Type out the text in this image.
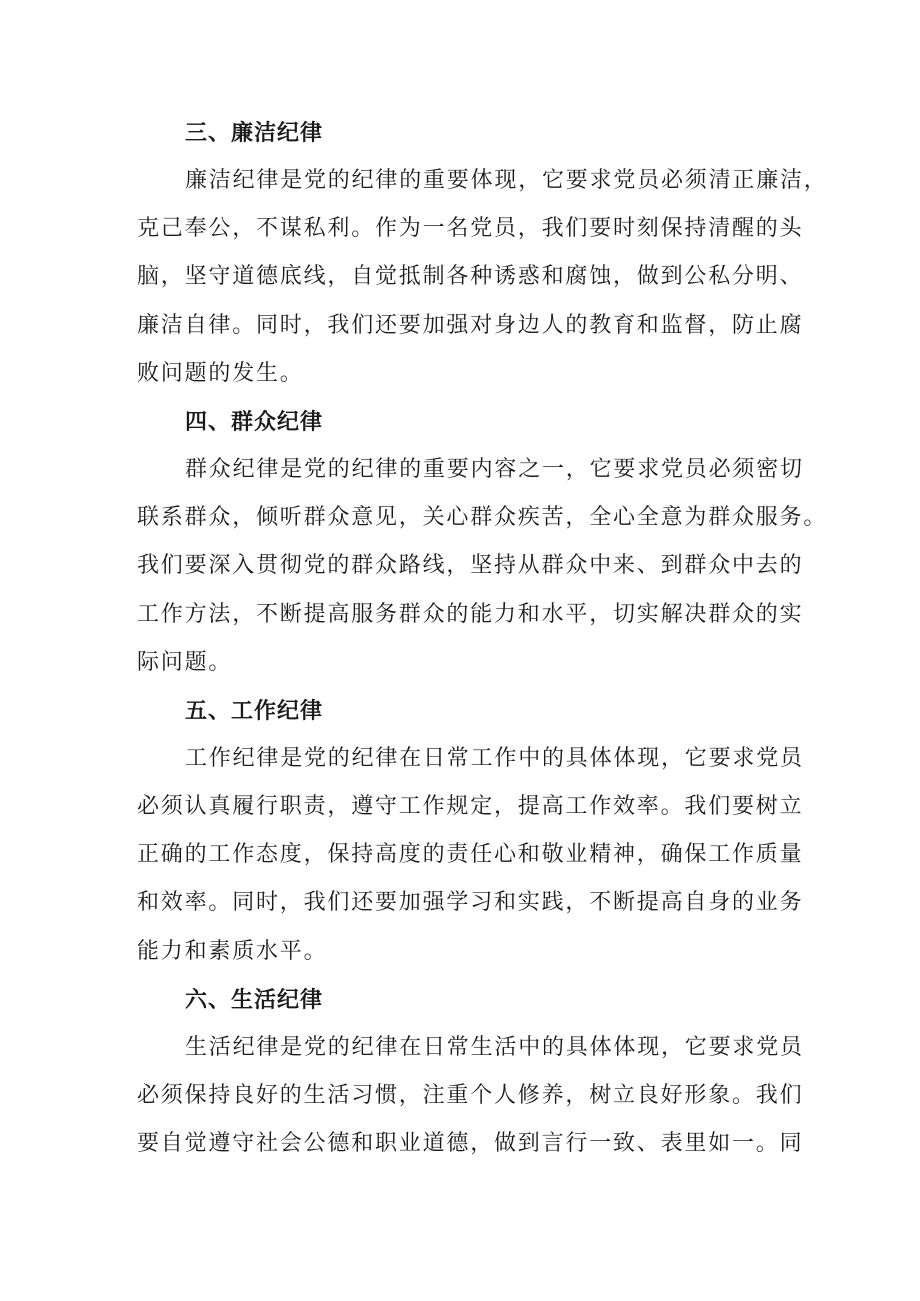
三、廉洁纪律
廉洁纪律是党的纪律的重要体现，它要求党员必须清正廉洁，
克己奉公，不谋私利。作为一名党员，我们要时刻保持清醒的头
脑，坚守道德底线，自觉抵制各种诱惑和腐蚀，做到公私分明、
廉洁自律。同时，我们还要加强对身边人的教育和监督，防止腐
败问题的发生。
四、群众纪律
群众纪律是党的纪律的重要内容之一，它要求党员必须密切
联系群众，倾听群众意见，关心群众疾苦，全心全意为群众服务。
我们要深入贯彻党的群众路线，坚持从群众中来、到群众中去的
工作方法，不断提高服务群众的能力和水平，切实解决群众的实
际问题。
五、工作纪律
工作纪律是党的纪律在日常工作中的具体体现，它要求党员
必须认真履行职责，遵守工作规定，提高工作效率。我们要树立
正确的工作态度，保持高度的责任心和敬业精神，确保工作质量
和效率。同时，我们还要加强学习和实践，不断提高自身的业务
能力和素质水平。
六、生活纪律
生活纪律是党的纪律在日常生活中的具体体现，它要求党员
必须保持良好的生活习惯，注重个人修养，树立良好形象。我们
要自觉遵守社会公德和职业道德，做到言行一致、表里如一。同
